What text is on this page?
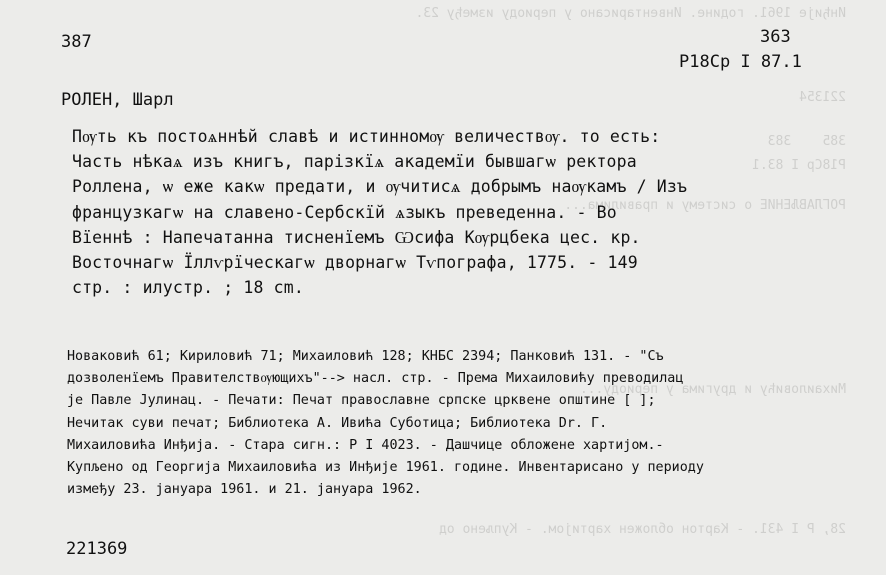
Инђије 1961. године. Инвентарисано у периоду између 23.
221354
385    383
Р18Ср I 83.1
РОГЛАВЉЕНИЕ о систему и правилима...
Михаиловићу и другима у периоду...
28, Р I 431. - Картон обложен хартијом. - Купљено од
387	363
Р18Ср I 87.1
РОЛЕН, Шарл
Пѹть къ постоѧннѣй славѣ и истинномѹ величествѹ. то есть:
Часть нѣкаѧ изъ книгъ, парізкїѧ академїи бывшагѡ ректора
Роллена, ѡ еже какѡ предати, и ѹчитисѧ добрымъ наѹкамъ / Изъ
французкагѡ на славено-Сербскїй ѧзыкъ преведенна. - Во
Вїеннѣ : Напечатанна тисненїемъ Ѡсифа Кѹрцбека цес. кр.
Восточнагѡ Їллѵрїческагѡ дворнагѡ Тѵпографа, 1775. - 149
стр. : илустр. ; 18 cm.
Новаковић 61; Кириловић 71; Михаиловић 128; КНБС 2394; Панковић 131. - "Съ
дозволенїемъ Правителствѹющихъ"--> насл. стр. - Према Михаиловићу преводилац
је Павле Јулинац. - Печати: Печат православне српске црквене општине [ ];
Нечитак суви печат; Библиотека А. Ивића Суботица; Библиотека Dr. Г.
Михаиловића Инђија. - Стара сигн.: Р I 4023. - Дашчице обложене хартијом.-
Купљено од Георгија Михаиловића из Инђије 1961. године. Инвентарисано у периоду
између 23. јануара 1961. и 21. јануара 1962.
221369
